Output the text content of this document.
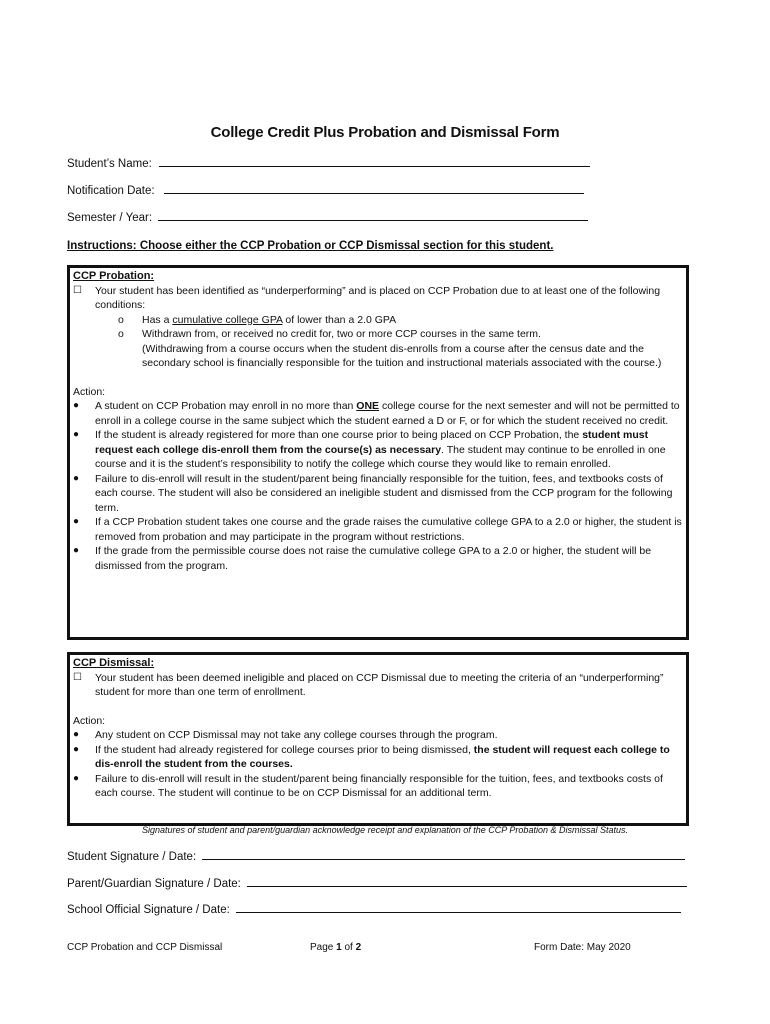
College Credit Plus Probation and Dismissal Form
Student’s Name:
Notification Date:
Semester / Year:
Instructions: Choose either the CCP Probation or CCP Dismissal section for this student.
CCP Probation:
☐	Your student has been identified as “underperforming” and is placed on CCP Probation due to at least one of the following conditions:
o	Has a cumulative college GPA of lower than a 2.0 GPA
o	Withdrawn from, or received no credit for, two or more CCP courses in the same term.
(Withdrawing from a course occurs when the student dis-enrolls from a course after the census date and the secondary school is financially responsible for the tuition and instructional materials associated with the course.)
Action:
●	A student on CCP Probation may enroll in no more than ONE college course for the next semester and will not be permitted to enroll in a college course in the same subject which the student earned a D or F, or for which the student received no credit.
●	If the student is already registered for more than one course prior to being placed on CCP Probation, the student must request each college dis-enroll them from the course(s) as necessary. The student may continue to be enrolled in one course and it is the student’s responsibility to notify the college which course they would like to remain enrolled.
●	Failure to dis-enroll will result in the student/parent being financially responsible for the tuition, fees, and textbooks costs of each course. The student will also be considered an ineligible student and dismissed from the CCP program for the following term.
●	If a CCP Probation student takes one course and the grade raises the cumulative college GPA to a 2.0 or higher, the student is removed from probation and may participate in the program without restrictions.
●	If the grade from the permissible course does not raise the cumulative college GPA to a 2.0 or higher, the student will be dismissed from the program.
CCP Dismissal:
☐	Your student has been deemed ineligible and placed on CCP Dismissal due to meeting the criteria of an “underperforming” student for more than one term of enrollment.
Action:
●	Any student on CCP Dismissal may not take any college courses through the program.
●	If the student had already registered for college courses prior to being dismissed, the student will request each college to dis-enroll the student from the courses.
●	Failure to dis-enroll will result in the student/parent being financially responsible for the tuition, fees, and textbooks costs of each course. The student will continue to be on CCP Dismissal for an additional term.
Signatures of student and parent/guardian acknowledge receipt and explanation of the CCP Probation & Dismissal Status.
Student Signature / Date:
Parent/Guardian Signature / Date:
School Official Signature / Date:
CCP Probation and CCP Dismissal	Page 1 of 2	Form Date: May 2020
